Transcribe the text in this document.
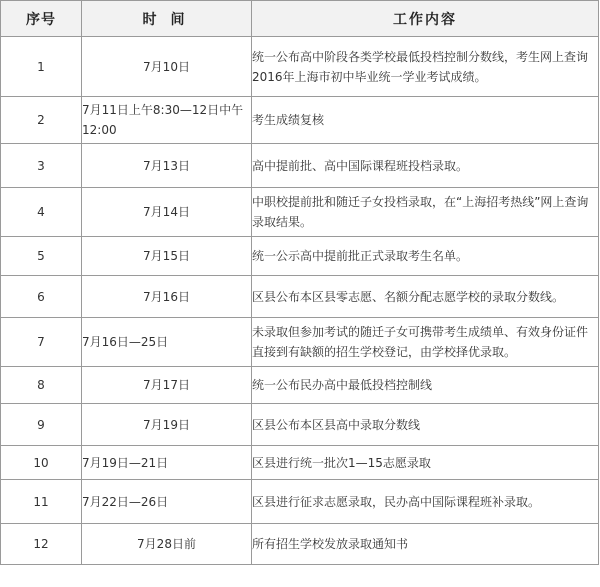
序号	时间	工作内容
1	7月10日	统一公布高中阶段各类学校最低投档控制分数线，考生网上查询2016年上海市初中毕业统一学业考试成绩。
2	7月11日上午8:30—12日中午12:00	考生成绩复核
3	7月13日	高中提前批、高中国际课程班投档录取。
4	7月14日	中职校提前批和随迁子女投档录取，在“上海招考热线”网上查询录取结果。
5	7月15日	统一公示高中提前批正式录取考生名单。
6	7月16日	区县公布本区县零志愿、名额分配志愿学校的录取分数线。
7	7月16日—25日	未录取但参加考试的随迁子女可携带考生成绩单、有效身份证件直接到有缺额的招生学校登记，由学校择优录取。
8	7月17日	统一公布民办高中最低投档控制线
9	7月19日	区县公布本区县高中录取分数线
10	7月19日—21日	区县进行统一批次1—15志愿录取
11	7月22日—26日	区县进行征求志愿录取，民办高中国际课程班补录取。
12	7月28日前	所有招生学校发放录取通知书
